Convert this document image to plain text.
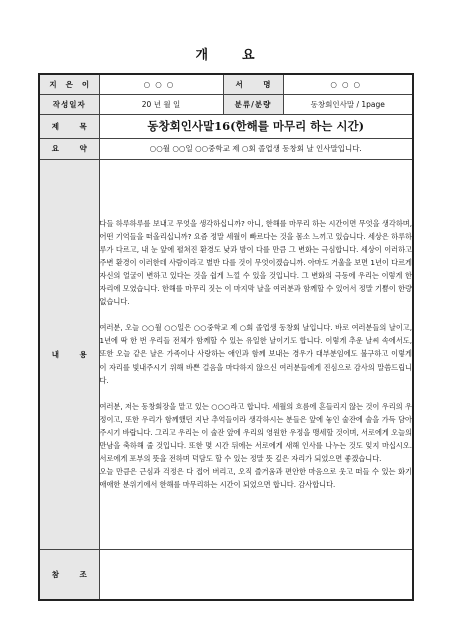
개요
지은이	○○○	서 명	○○○
작성일자	20 년 월 일	분류/분량	동창회인사말 / 1page
제 목	동창회인사말16(한해를 마무리 하는 시간)		
요 약	○○월 ○○일 ○○중학교 제 ○회 졸업생 동창회 날 인사말입니다.		
내 용	다들 하루하루를 보내고 무엇을 생각하십니까? 아니, 한해를 마무리 하는 시간이면 무엇을 생각하며, 어떤 기억들을 떠올리십니까? 요즘 정말 세월이 빠르다는 것을 몸소 느끼고 있습니다. 세상은 하루하루가 다르고, 내 눈 앞에 펼쳐진 환경도 낮과 밤이 다를 만큼 그 변화는 극심합니다. 세상이 이러하고 주변 환경이 이러한데 사람이라고 별반 다를 것이 무엇이겠습니까. 아마도 거울을 보면 1년이 다르게 자신의 얼굴이 변하고 있다는 것을 쉽게 느낄 수 있을 것입니다. 그 변화의 극동에 우리는 이렇게 한 자리에 모였습니다. 한해를 마무리 짓는 이 마지막 날을 여러분과 함께할 수 있어서 정말 기쁨이 한량없습니다.

여러분, 오늘 ○○월 ○○일은 ○○중학교 제 ○회 졸업생 동창회 날입니다. 바로 여러분들의 날이고, 1년에 딱 한 번 우리들 전체가 함께할 수 있는 유일한 날이기도 합니다. 이렇게 추운 날씨 속에서도, 또한 오늘 같은 날은 가족이나 사랑하는 애인과 함께 보내는 경우가 대부분임에도 불구하고 이렇게 이 자리를 빛내주시기 위해 바쁜 걸음을 마다하지 않으신 여러분들에게 진심으로 감사의 말씀드립니다.

여러분, 저는 동창회장을 맡고 있는 ○○○라고 합니다. 세월의 흐름에 흔들리지 않는 것이 우리의 우정이고, 또한 우리가 함께했던 지난 추억들이라 생각하시는 분들은 앞에 놓인 술잔에 술을 가득 담아 주시기 바랍니다. 그리고 우리는 이 술잔 앞에 우리의 영원한 우정을 맹세할 것이며, 서로에게 오늘의 만남을 축하해 줄 것입니다. 또한 몇 시간 뒤에는 서로에게 새해 인사를 나누는 것도 잊지 마십시오. 서로에게 포부의 뜻을 전하며 덕담도 할 수 있는 정말 뜻 깊은 자리가 되었으면 좋겠습니다.

오늘 만큼은 근심과 걱정은 다 접어 버리고, 오직 즐거움과 편안한 마음으로 웃고 떠들 수 있는 화기애애한 분위기에서 한해를 마무리하는 시간이 되었으면 합니다. 감사합니다.		

참 조			
